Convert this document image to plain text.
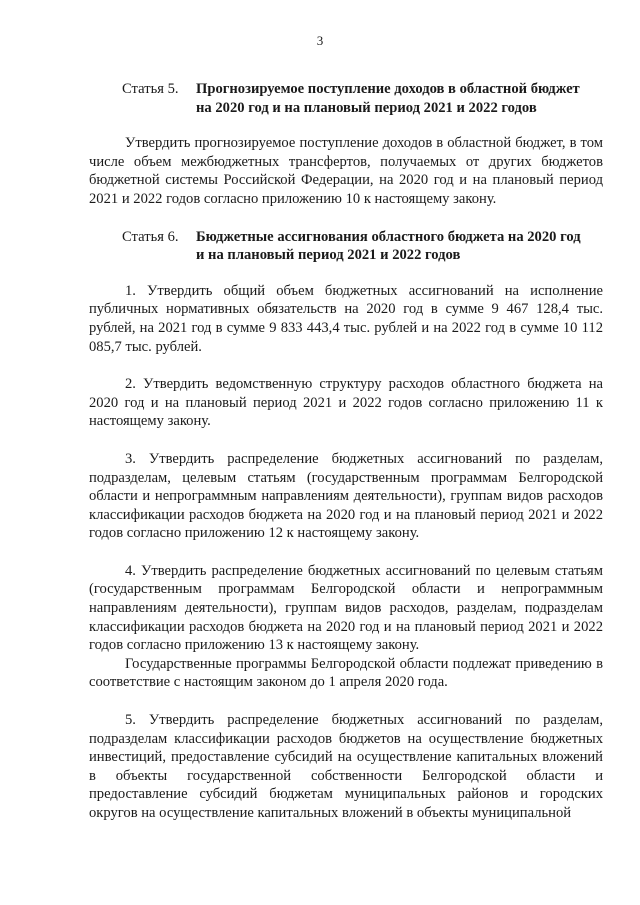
3
Статья 5.	Прогнозируемое поступление доходов в областной бюджет
на 2020 год и на плановый период 2021 и 2022 годов

Утвердить прогнозируемое поступление доходов в областной бюджет, в том числе объем межбюджетных трансфертов, получаемых от других бюджетов бюджетной системы Российской Федерации, на 2020 год и на плановый период 2021 и 2022 годов согласно приложению 10 к настоящему закону.

Статья 6.	Бюджетные ассигнования областного бюджета на 2020 год
и на плановый период 2021 и 2022 годов

1. Утвердить общий объем бюджетных ассигнований на исполнение публичных нормативных обязательств на 2020 год в сумме 9 467 128,4 тыс. рублей, на 2021 год в сумме 9 833 443,4 тыс. рублей и на 2022 год в сумме 10 112 085,7 тыс. рублей.

2. Утвердить ведомственную структуру расходов областного бюджета на 2020 год и на плановый период 2021 и 2022 годов согласно приложению 11 к настоящему закону.

3. Утвердить распределение бюджетных ассигнований по разделам, подразделам, целевым статьям (государственным программам Белгородской области и непрограммным направлениям деятельности), группам видов расходов классификации расходов бюджета на 2020 год и на плановый период 2021 и 2022 годов согласно приложению 12 к настоящему закону.

4. Утвердить распределение бюджетных ассигнований по целевым статьям (государственным программам Белгородской области и непрограммным направлениям деятельности), группам видов расходов, разделам, подразделам классификации расходов бюджета на 2020 год и на плановый период 2021 и 2022 годов согласно приложению 13 к настоящему закону.

Государственные программы Белгородской области подлежат приведению в соответствие с настоящим законом до 1 апреля 2020 года.

5. Утвердить распределение бюджетных ассигнований по разделам, подразделам классификации расходов бюджетов на осуществление бюджетных инвестиций, предоставление субсидий на осуществление капитальных вложений в объекты государственной собственности Белгородской области и предоставление субсидий бюджетам муниципальных районов и городских округов на осуществление капитальных вложений в объекты муниципальной
